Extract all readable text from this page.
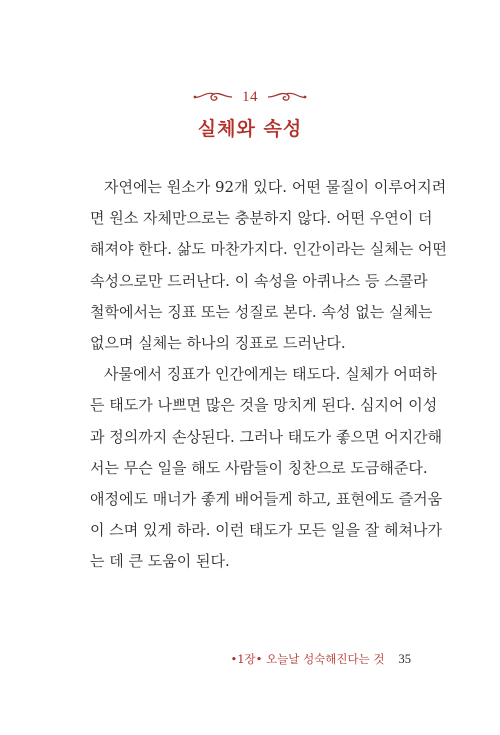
14
실체와 속성
자연에는 원소가 92개 있다. 어떤 물질이 이루어지려
면 원소 자체만으로는 충분하지 않다. 어떤 우연이 더
해져야 한다. 삶도 마찬가지다. 인간이라는 실체는 어떤
속성으로만 드러난다. 이 속성을 아퀴나스 등 스콜라
철학에서는 징표 또는 성질로 본다. 속성 없는 실체는
없으며 실체는 하나의 징표로 드러난다.
사물에서 징표가 인간에게는 태도다. 실체가 어떠하
든 태도가 나쁘면 많은 것을 망치게 된다. 심지어 이성
과 정의까지 손상된다. 그러나 태도가 좋으면 어지간해
서는 무슨 일을 해도 사람들이 칭찬으로 도금해준다.
애정에도 매너가 좋게 배어들게 하고, 표현에도 즐거움
이 스며 있게 하라. 이런 태도가 모든 일을 잘 헤쳐나가
는 데 큰 도움이 된다.
•1장• 오늘날 성숙해진다는 것 35
